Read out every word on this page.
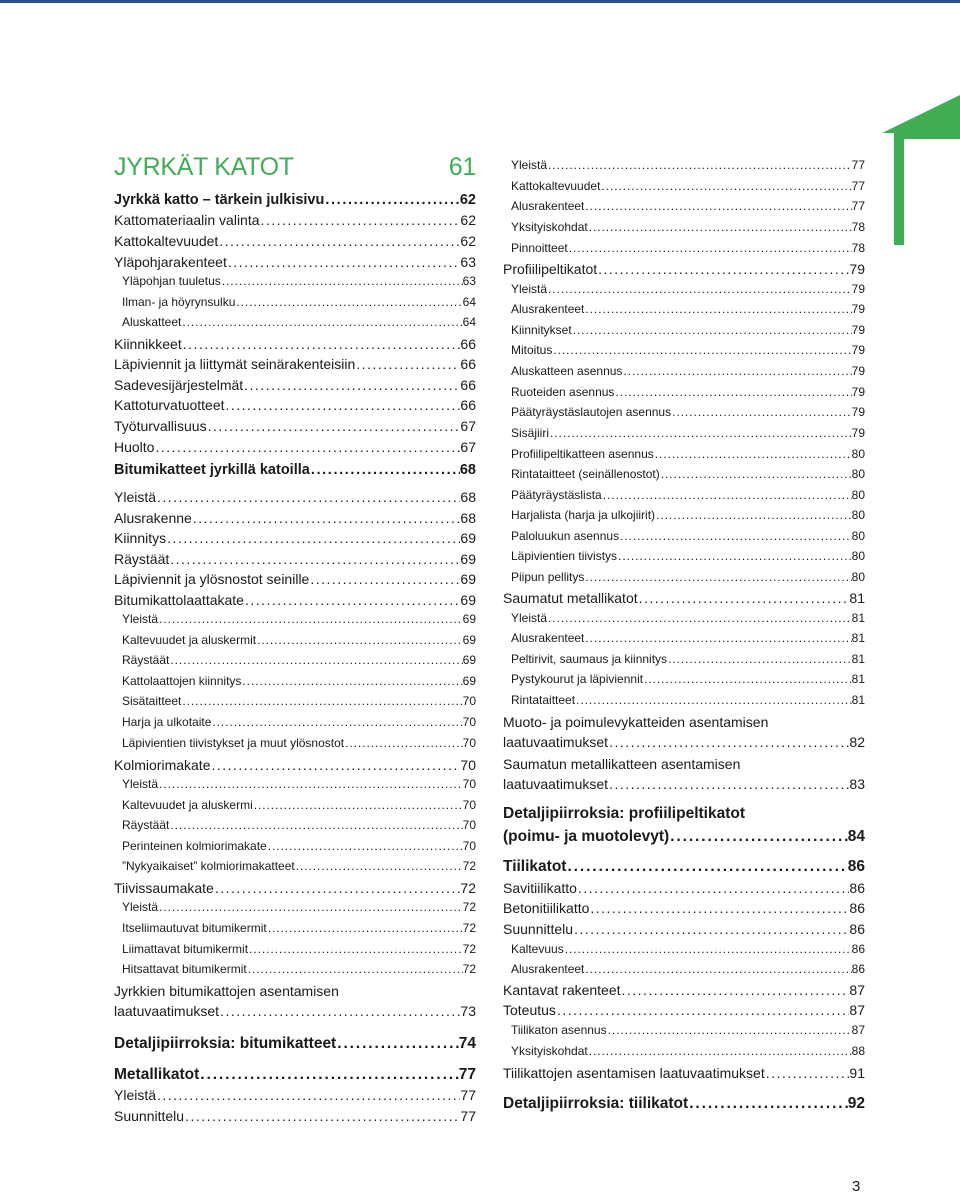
JYRKÄT KATOT	61
Jyrkkä katto – tärkein julkisivu . . .	62
Kattomateriaalin valinta . . .	62
Kattokaltevuudet . . .	62
Yläpohjarakenteet . . .	63
Yläpohjan tuuletus . . .	63
Ilman- ja höyrynsulku . . .	64
Aluskatteet . . .	64
Kiinnikkeet . . .	66
Läpiviennit ja liittymät seinärakenteisiin . . .	66
Sadevesijärjestelmät . . .	66
Kattoturvatuotteet . . .	66
Työturvallisuus . . .	67
Huolto . . .	67
Bitumikatteet jyrkillä katoilla . . .	68
Yleistä . . .	68
Alusrakenne . . .	68
Kiinnitys . . .	69
Räystäät . . .	69
Läpiviennit ja ylösnostot seinille . . .	69
Bitumikattolaattakate . . .	69
Yleistä . . .	69
Kaltevuudet ja aluskermit . . .	69
Räystäät . . .	69
Kattolaattojen kiinnitys . . .	69
Sisätaitteet . . .	70
Harja ja ulkotaite . . .	70
Läpivientien tiivistykset ja muut ylösnostot . . .	70
Kolmiorimakate . . .	70
Yleistä . . .	70
Kaltevuudet ja aluskermi . . .	70
Räystäät . . .	70
Perinteinen kolmiorimakate . . .	70
”Nykyaikaiset” kolmiorimakatteet . . .	72
Tiivissaumakate . . .	72
Yleistä . . .	72
Itseliimautuvat bitumikermit . . .	72
Liimattavat bitumikermit . . .	72
Hitsattavat bitumikermit . . .	72
Jyrkkien bitumikattojen asentamisen
laatuvaatimukset . . .	73
Detaljipiirroksia: bitumikatteet . . .	74
Metallikatot . . .	77
Yleistä . . .	77
Suunnittelu . . .	77
Yleistä . . .	77
Kattokaltevuudet . . .	77
Alusrakenteet . . .	77
Yksityiskohdat . . .	78
Pinnoitteet . . .	78
Profiilipeltikatot . . .	79
Yleistä . . .	79
Alusrakenteet . . .	79
Kiinnitykset . . .	79
Mitoitus . . .	79
Aluskatteen asennus . . .	79
Ruoteiden asennus . . .	79
Päätyräystäslautojen asennus . . .	79
Sisäjiiri . . .	79
Profiilipeltikatteen asennus . . .	80
Rintataitteet (seinällenostot) . . .	80
Päätyräystäslista . . .	80
Harjalista (harja ja ulkojiirit) . . .	80
Paloluukun asennus . . .	80
Läpivientien tiivistys . . .	80
Piipun pellitys . . .	80
Saumatut metallikatot . . .	81
Yleistä . . .	81
Alusrakenteet . . .	81
Peltirivit, saumaus ja kiinnitys . . .	81
Pystykourut ja läpiviennit . . .	81
Rintataitteet . . .	81
Muoto- ja poimulevykatteiden asentamisen
laatuvaatimukset . . .	82
Saumatun metallikatteen asentamisen
laatuvaatimukset . . .	83
Detaljipiirroksia: profiilipeltikatot
(poimu- ja muotolevyt) . . .	84
Tiilikatot . . .	86
Savitiilikatto . . .	86
Betonitiilikatto . . .	86
Suunnittelu . . .	86
Kaltevuus . . .	86
Alusrakenteet . . .	86
Kantavat rakenteet . . .	87
Toteutus . . .	87
Tiilikaton asennus . . .	87
Yksityiskohdat . . .	88
Tiilikattojen asentamisen laatuvaatimukset . . .	91
Detaljipiirroksia: tiilikatot . . .	92
3
